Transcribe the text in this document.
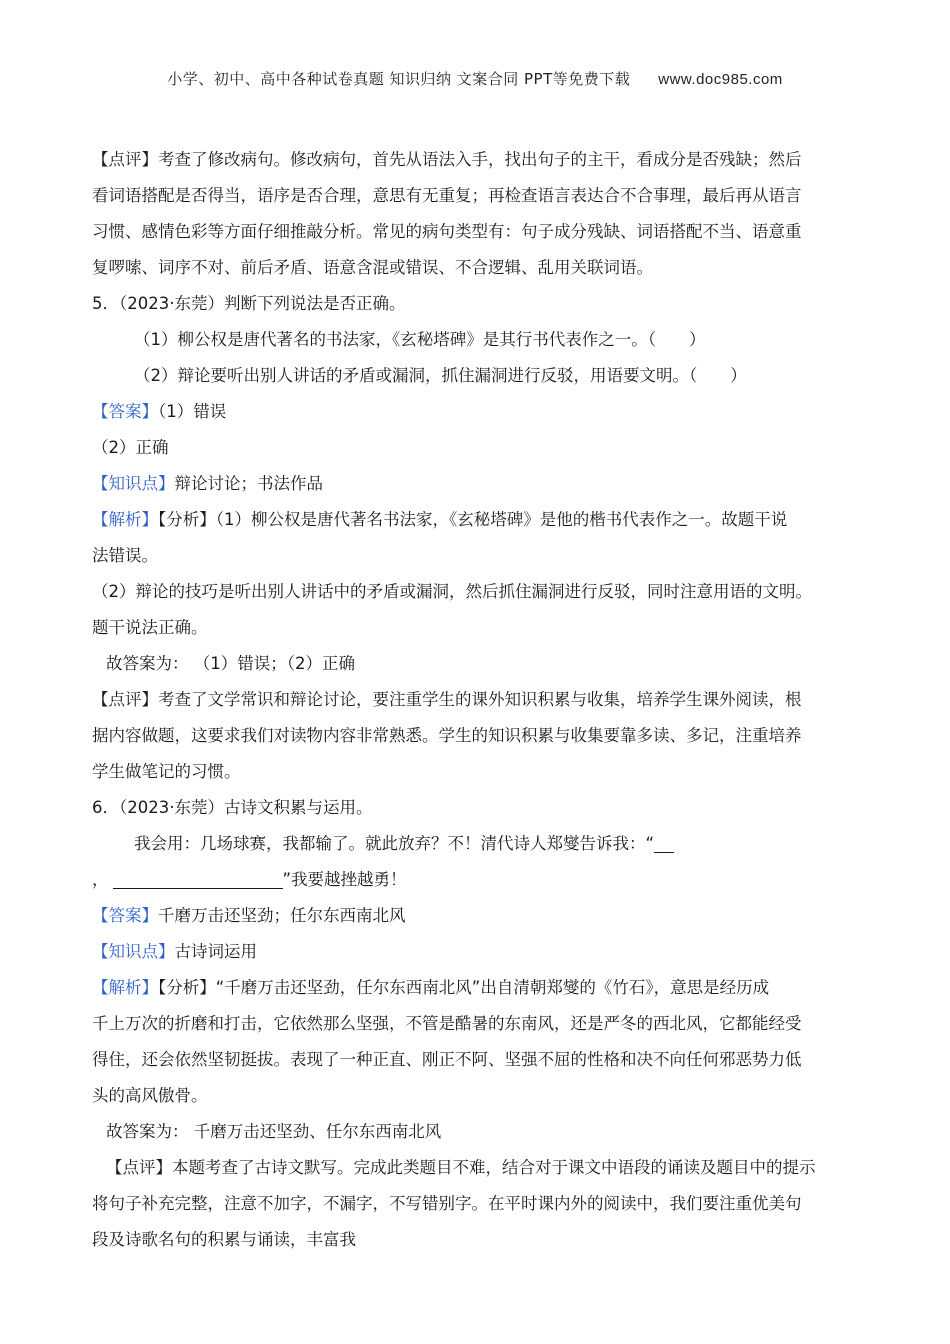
小学、初中、高中各种试卷真题 知识归纳 文案合同 PPT等免费下载 www.doc985.com

【点评】考查了修改病句。修改病句，首先从语法入手，找出句子的主干，看成分是否残缺；然后

看词语搭配是否得当，语序是否合理，意思有无重复；再检查语言表达合不合事理，最后再从语言

习惯、感情色彩等方面仔细推敲分析。常见的病句类型有：句子成分残缺、词语搭配不当、语意重

复啰嗦、词序不对、前后矛盾、语意含混或错误、不合逻辑、乱用关联词语。

5．（2023·东莞）判断下列说法是否正确。

（1）柳公权是唐代著名的书法家，《玄秘塔碑》是其行书代表作之一。（　　）

（2）辩论要听出别人讲话的矛盾或漏洞，抓住漏洞进行反驳，用语要文明。（　　）

【答案】（1）错误

（2）正确

【知识点】辩论讨论；书法作品

【解析】【分析】（1）柳公权是唐代著名书法家，《玄秘塔碑》是他的楷书代表作之一。故题干说

法错误。

（2）辩论的技巧是听出别人讲话中的矛盾或漏洞，然后抓住漏洞进行反驳，同时注意用语的文明。

题干说法正确。

故答案为： （1）错误；（2）正确

【点评】考查了文学常识和辩论讨论，要注重学生的课外知识积累与收集，培养学生课外阅读，根

据内容做题，这要求我们对读物内容非常熟悉。学生的知识积累与收集要靠多读、多记，注重培养

学生做笔记的习惯。

6．（2023·东莞）古诗文积累与运用。

我会用：几场球赛，我都输了。就此放弃？不！清代诗人郑燮告诉我：“

，	”我要越挫越勇！

【答案】千磨万击还坚劲；任尔东西南北风

【知识点】古诗词运用

【解析】【分析】“千磨万击还坚劲，任尔东西南北风”出自清朝郑燮的《竹石》，意思是经历成

千上万次的折磨和打击，它依然那么坚强，不管是酷暑的东南风，还是严冬的西北风，它都能经受

得住，还会依然坚韧挺拔。表现了一种正直、刚正不阿、坚强不屈的性格和决不向任何邪恶势力低

头的高风傲骨。

故答案为： 千磨万击还坚劲、任尔东西南北风

【点评】本题考查了古诗文默写。完成此类题目不难，结合对于课文中语段的诵读及题目中的提示

将句子补充完整，注意不加字，不漏字，不写错别字。在平时课内外的阅读中，我们要注重优美句

段及诗歌名句的积累与诵读，丰富我
